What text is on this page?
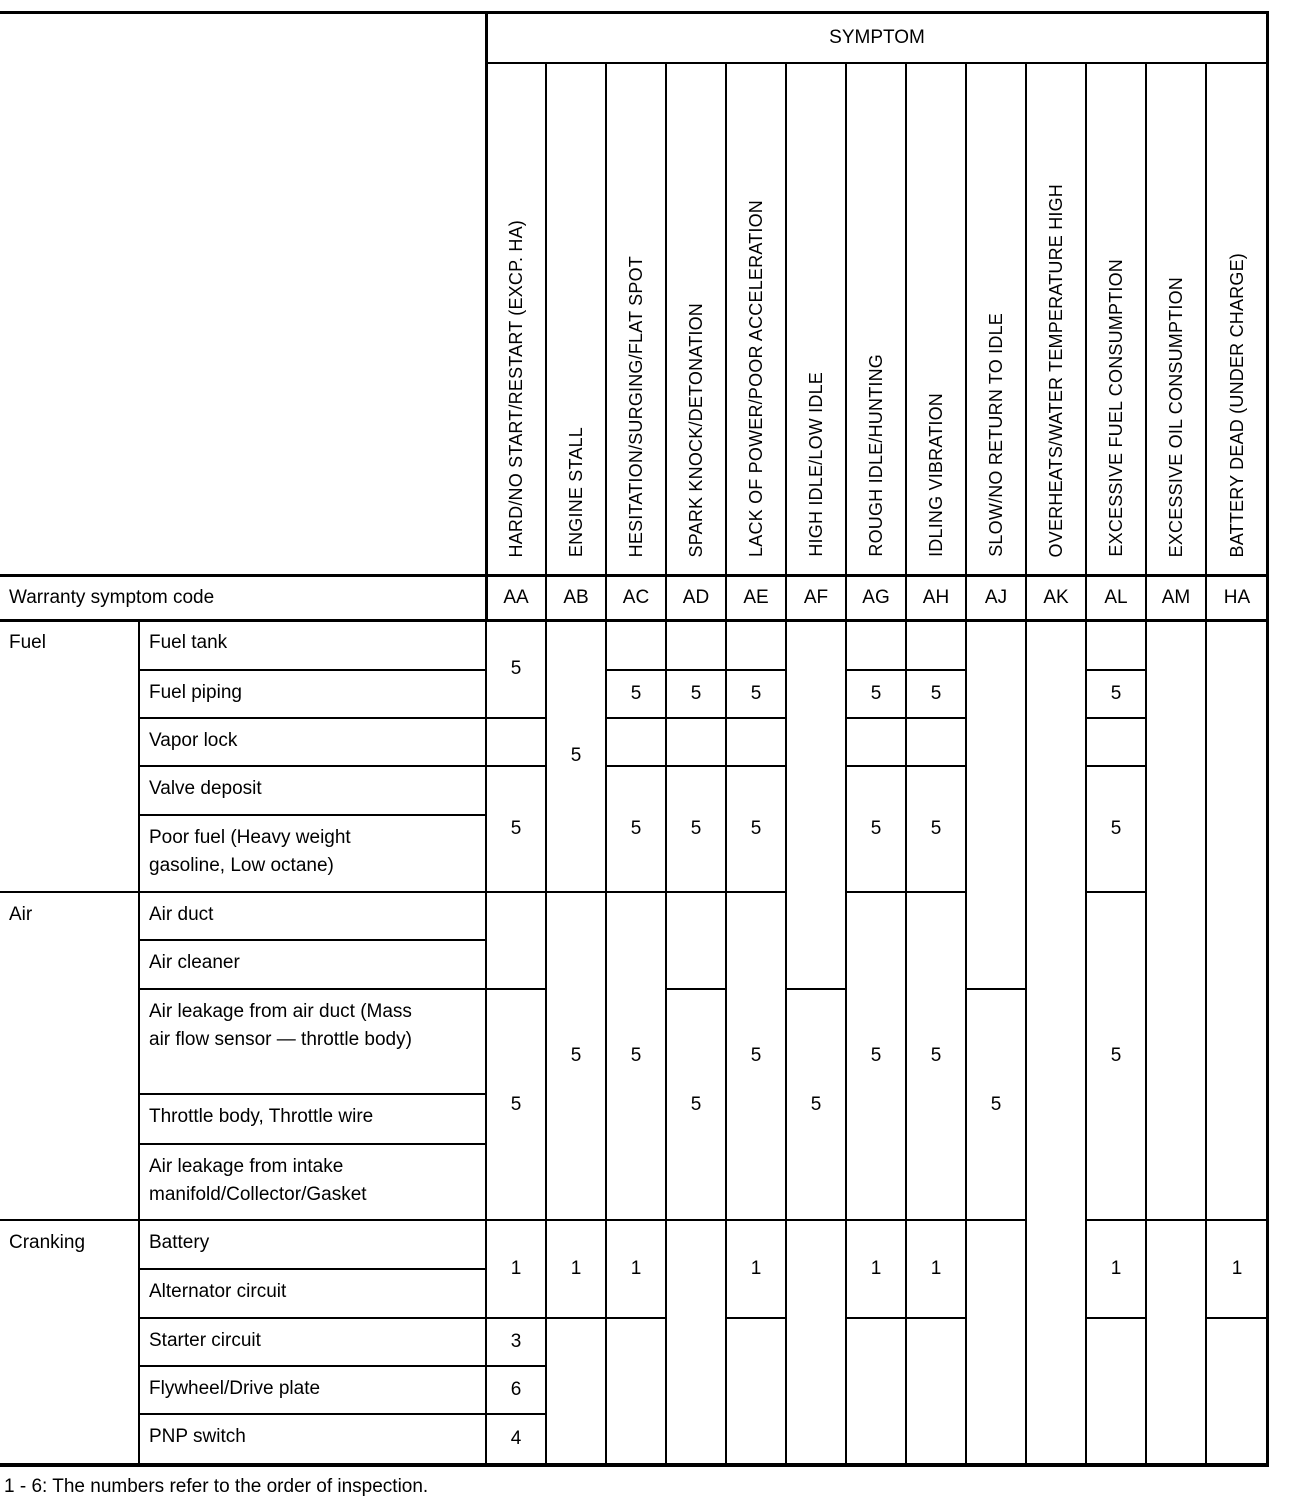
SYMPTOM
HARD/NO START/RESTART (EXCP. HA) ENGINE STALL HESITATION/SURGING/FLAT SPOT SPARK KNOCK/DETONATION LACK OF POWER/POOR ACCELERATION HIGH IDLE/LOW IDLE ROUGH IDLE/HUNTING IDLING VIBRATION SLOW/NO RETURN TO IDLE OVERHEATS/WATER TEMPERATURE HIGH EXCESSIVE FUEL CONSUMPTION EXCESSIVE OIL CONSUMPTION BATTERY DEAD (UNDER CHARGE)
Warranty symptom code	AA AB AC AD AE AF AG AH AJ AK AL AM HA
Fuel
Air
Cranking
Fuel tank
Fuel piping
Vapor lock
Valve deposit
Poor fuel (Heavy weight gasoline, Low octane)
Air duct
Air cleaner
Air leakage from air duct (Mass air flow sensor — throttle body)
Throttle body, Throttle wire
Air leakage from intake manifold/Collector/Gasket
Battery
Alternator circuit
Starter circuit
Flywheel/Drive plate
PNP switch
5
5
5
1
3
6
4
5
5
1
5
5
5
1
5
5
5
5
5
5
1
5
5
5
5
1
5
5
5
1
5
5
5
5
1	1
1 - 6: The numbers refer to the order of inspection.
